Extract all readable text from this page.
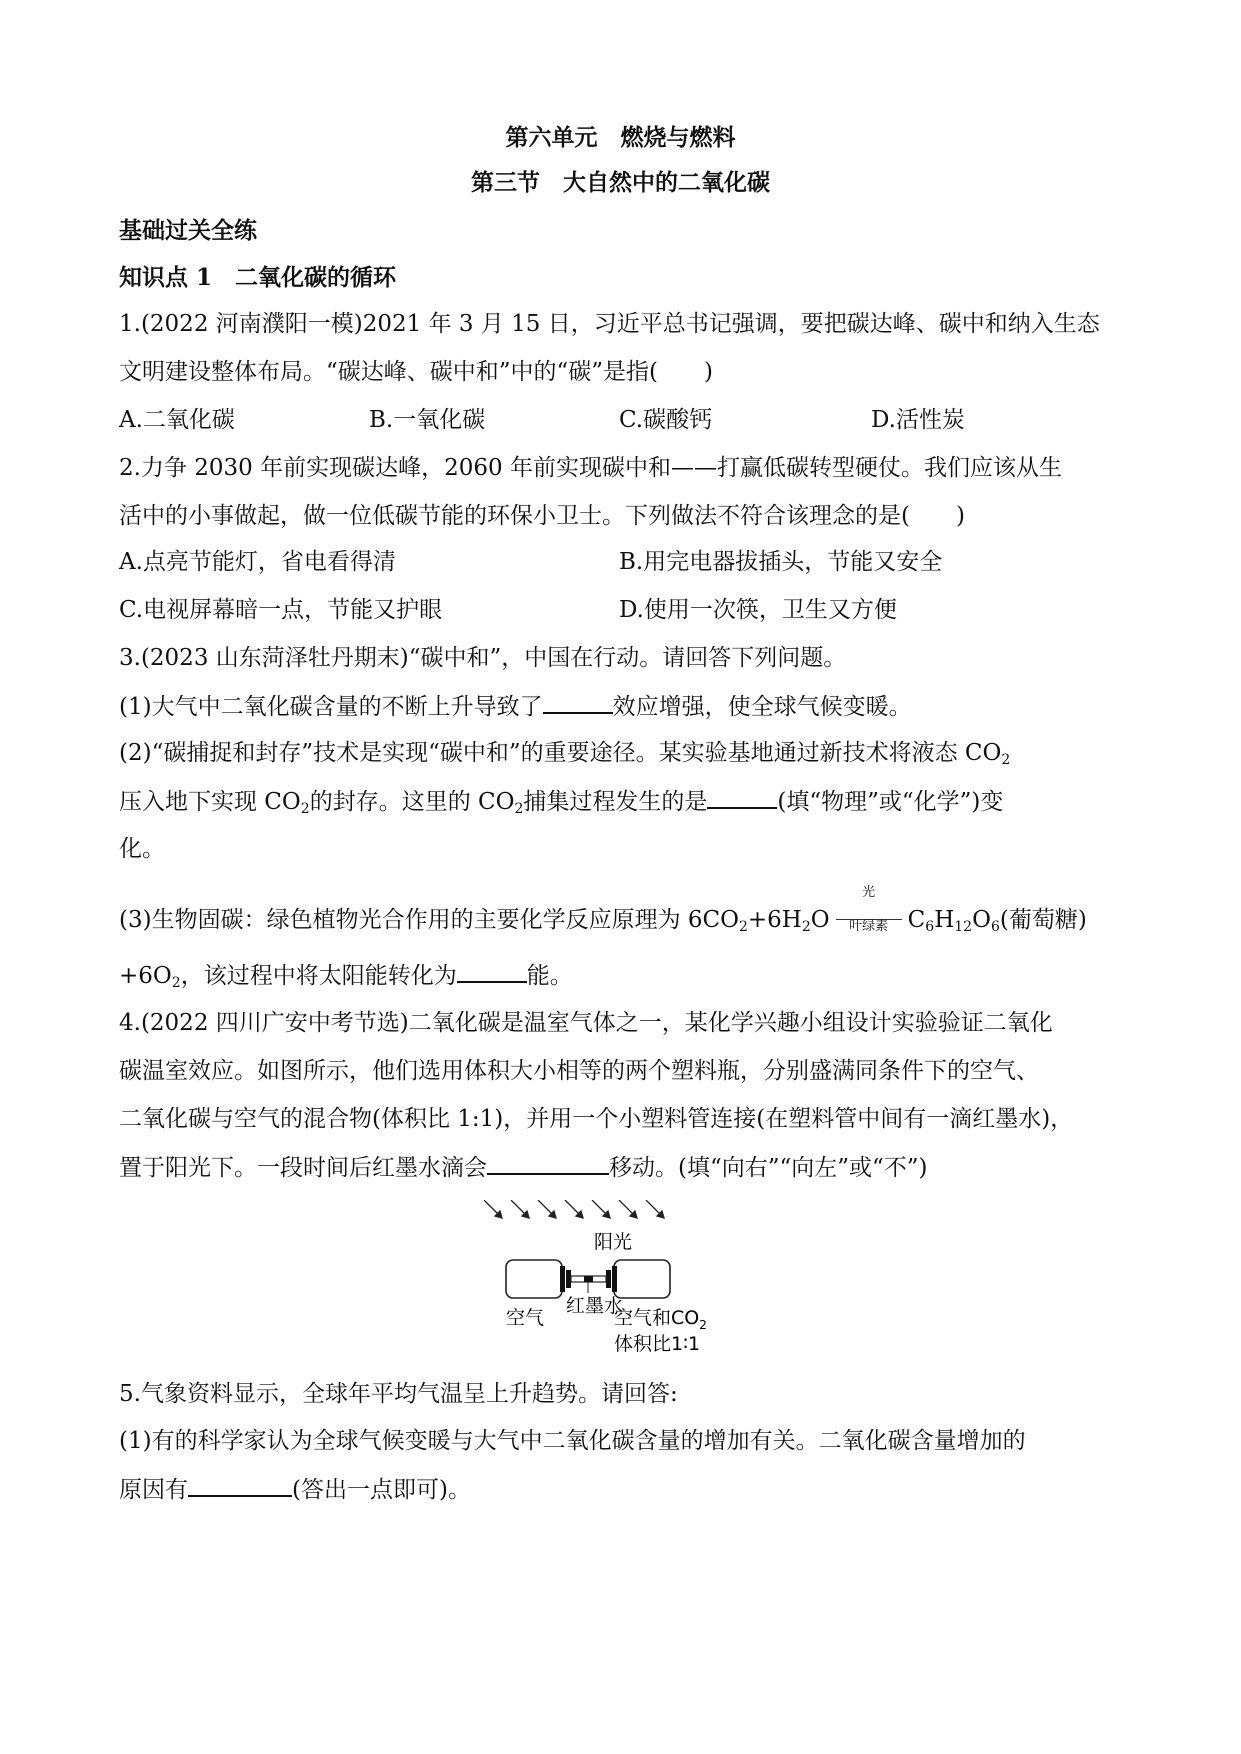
第六单元　燃烧与燃料
第三节　大自然中的二氧化碳
基础过关全练
知识点 1　二氧化碳的循环
1.(2022 河南濮阳一模)2021 年 3 月 15 日，习近平总书记强调，要把碳达峰、碳中和纳入生态
文明建设整体布局。“碳达峰、碳中和”中的“碳”是指(　　)
A.二氧化碳	B.一氧化碳	C.碳酸钙	D.活性炭
2.力争 2030 年前实现碳达峰，2060 年前实现碳中和——打赢低碳转型硬仗。我们应该从生
活中的小事做起，做一位低碳节能的环保小卫士。下列做法不符合该理念的是(　　)
A.点亮节能灯，省电看得清	B.用完电器拔插头，节能又安全
C.电视屏幕暗一点，节能又护眼	D.使用一次筷，卫生又方便
3.(2023 山东菏泽牡丹期末)“碳中和”，中国在行动。请回答下列问题。
(1)大气中二氧化碳含量的不断上升导致了	效应增强，使全球气候变暖。
(2)“碳捕捉和封存”技术是实现“碳中和”的重要途径。某实验基地通过新技术将液态 $CO_2$
压入地下实现 $CO_2$的封存。这里的 $CO_2$捕集过程发生的是	(填“物理”或“化学”)变
化。
(3)生物固碳：绿色植物光合作用的主要化学反应原理为 $6CO_2+6H_2O$
光
叶绿素 $C_6H_{12}O_6$(葡萄糖)
$+6O_2$，该过程中将太阳能转化为	能。
4.(2022 四川广安中考节选)二氧化碳是温室气体之一，某化学兴趣小组设计实验验证二氧化
碳温室效应。如图所示，他们选用体积大小相等的两个塑料瓶，分别盛满同条件下的空气、
二氧化碳与空气的混合物(体积比 1:1)，并用一个小塑料管连接(在塑料管中间有一滴红墨水)，
置于阳光下。一段时间后红墨水滴会	移动。(填“向右”“向左”或“不”)
阳光
红墨水
空气	空气和$CO_2$
体积比1∶1
5.气象资料显示，全球年平均气温呈上升趋势。请回答:
(1)有的科学家认为全球气候变暖与大气中二氧化碳含量的增加有关。二氧化碳含量增加的
原因有	(答出一点即可)。
